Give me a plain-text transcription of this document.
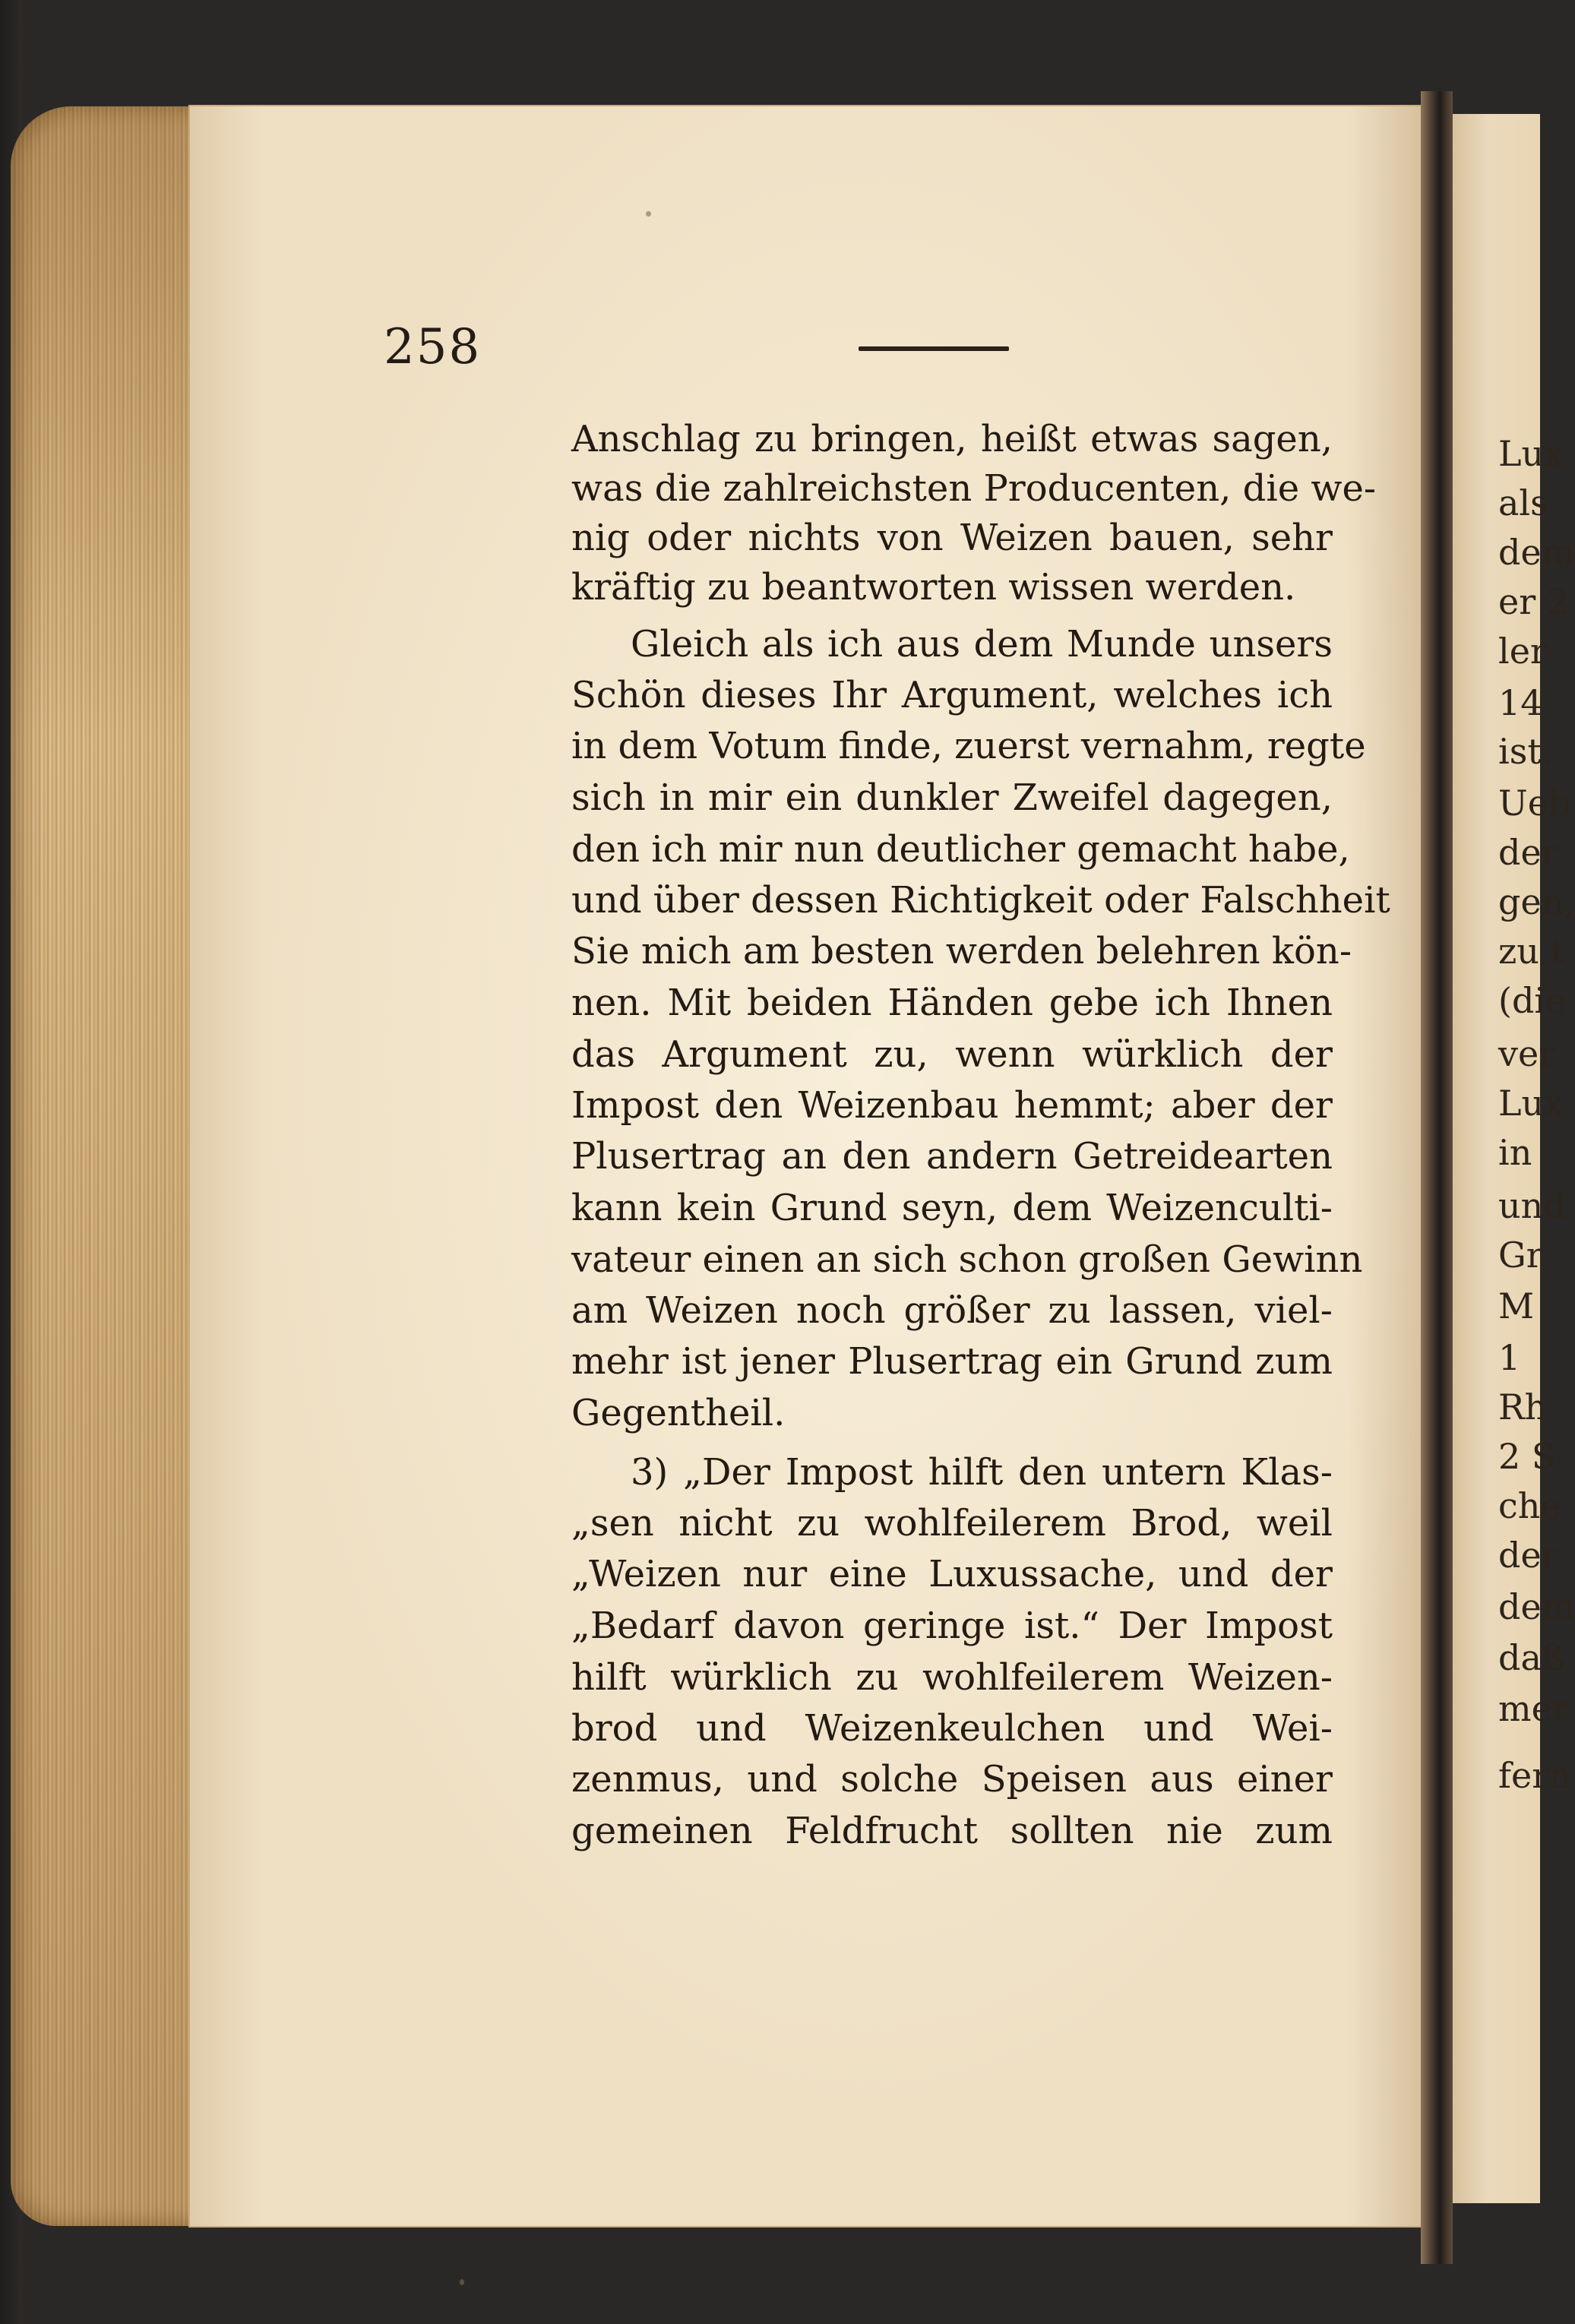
Lux
als
dem
er 2
ler
14
ist.
Ueb
der
gen,
zu t
(die
ver
Lux
in
und
Gr
M
1
Rh
2 S
che
der
dem
daß
mer
fern
258
Anschlag zu bringen, heißt etwas sagen,
was die zahlreichsten Producenten, die we-
nig oder nichts von Weizen bauen, sehr
kräftig zu beantworten wissen werden.
Gleich als ich aus dem Munde unsers
Schön dieses Ihr Argument, welches ich
in dem Votum finde, zuerst vernahm, regte
sich in mir ein dunkler Zweifel dagegen,
den ich mir nun deutlicher gemacht habe,
und über dessen Richtigkeit oder Falschheit
Sie mich am besten werden belehren kön-
nen. Mit beiden Händen gebe ich Ihnen
das Argument zu, wenn würklich der
Impost den Weizenbau hemmt; aber der
Plusertrag an den andern Getreidearten
kann kein Grund seyn, dem Weizenculti-
vateur einen an sich schon großen Gewinn
am Weizen noch größer zu lassen, viel-
mehr ist jener Plusertrag ein Grund zum
Gegentheil.
3) „Der Impost hilft den untern Klas-
„sen nicht zu wohlfeilerem Brod, weil
„Weizen nur eine Luxussache, und der
„Bedarf davon geringe ist.“ Der Impost
hilft würklich zu wohlfeilerem Weizen-
brod und Weizenkeulchen und Wei-
zenmus, und solche Speisen aus einer
gemeinen Feldfrucht sollten nie zum
